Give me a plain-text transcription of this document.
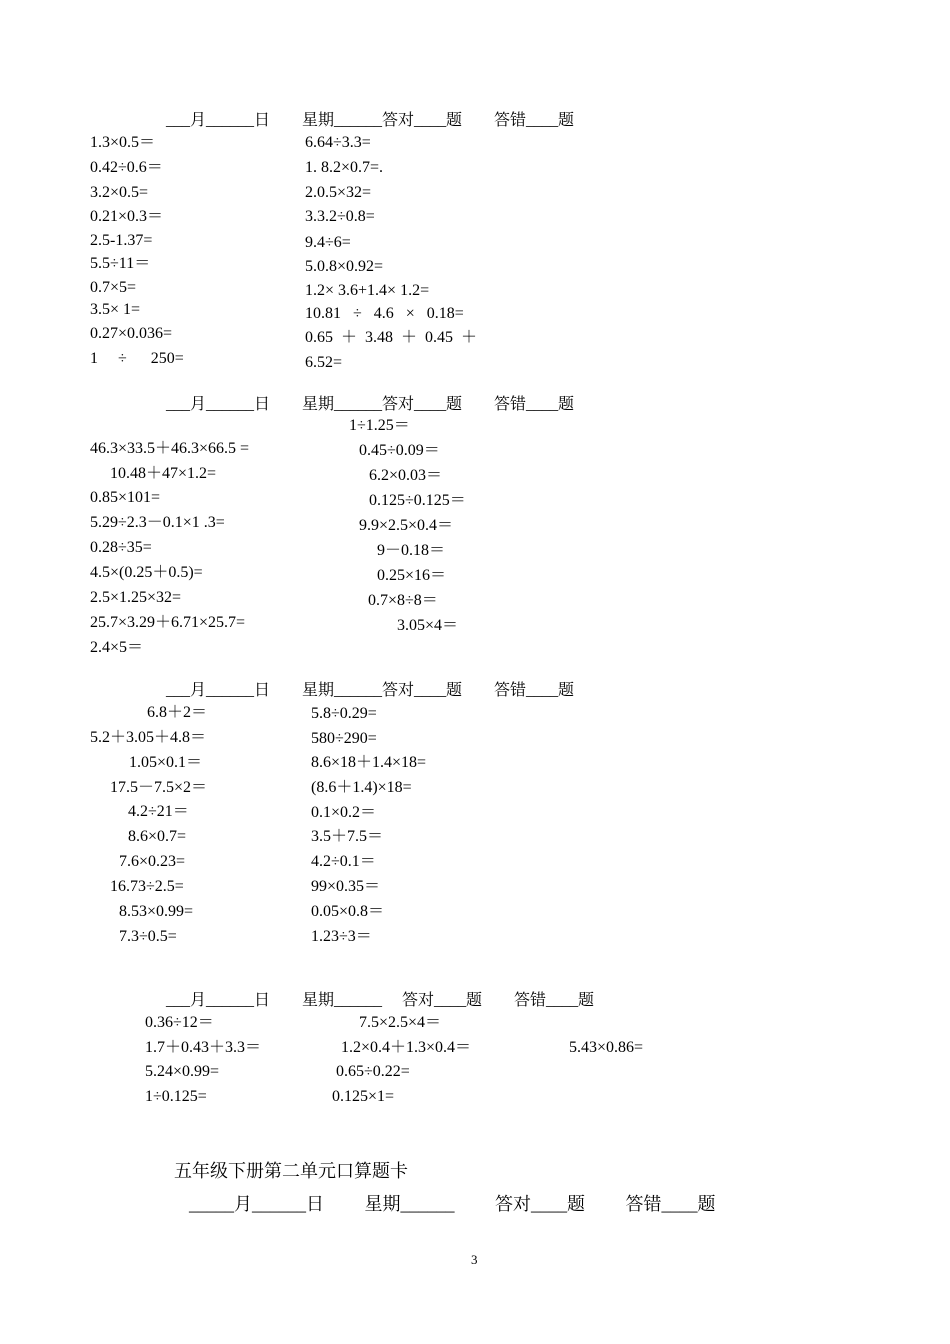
___月______日        星期______答对____题        答错____题
1.3×0.5＝
0.42÷0.6＝
3.2×0.5=
0.21×0.3＝
2.5-1.37=
5.5÷11＝
0.7×5=
3.5× 1=
0.27×0.036=
1     ÷      250=
6.64÷3.3=
1. 8.2×0.7=.
2.0.5×32=
3.3.2÷0.8=
9.4÷6=
5.0.8×0.92=
1.2× 3.6+1.4× 1.2=
10.81   ÷   4.6   ×   0.18=
0.65  ＋  3.48  ＋  0.45  ＋
6.52=
___月______日        星期______答对____题        答错____题
46.3×33.5＋46.3×66.5 =
10.48＋47×1.2=
0.85×101=
5.29÷2.3－0.1×1 .3=
0.28÷35=
4.5×(0.25＋0.5)=
2.5×1.25×32=
25.7×3.29＋6.71×25.7=
2.4×5＝
1÷1.25＝
0.45÷0.09＝
6.2×0.03＝
0.125÷0.125＝
9.9×2.5×0.4＝
9－0.18＝
0.25×16＝
0.7×8÷8＝
3.05×4＝
___月______日        星期______答对____题        答错____题
6.8＋2＝
5.2＋3.05＋4.8＝
1.05×0.1＝
17.5－7.5×2＝
4.2÷21＝
8.6×0.7=
7.6×0.23=
16.73÷2.5=
8.53×0.99=
7.3÷0.5=
5.8÷0.29=
580÷290=
8.6×18＋1.4×18=
(8.6＋1.4)×18=
0.1×0.2＝
3.5＋7.5＝
4.2÷0.1＝
99×0.35＝
0.05×0.8＝
1.23÷3＝
___月______日        星期______     答对____题        答错____题
0.36÷12＝
1.7＋0.43＋3.3＝
5.24×0.99=
1÷0.125=
7.5×2.5×4＝
1.2×0.4＋1.3×0.4＝
0.65÷0.22=
0.125×1=
5.43×0.86=
五年级下册第二单元口算题卡
_____月______日         星期______         答对____题         答错____题
3
